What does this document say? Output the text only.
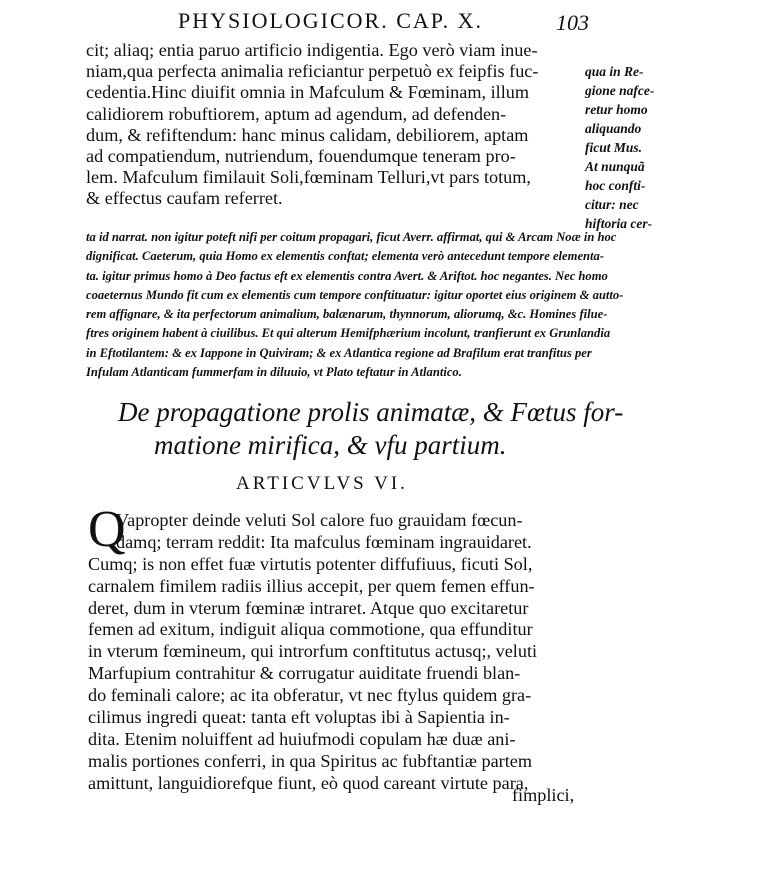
PHYSIOLOGICOR. CAP. X.	103
cit; aliaq; entia paruo artificio indigentia. Ego verò viam inue-
niam,qua perfecta animalia reficiantur perpetuò ex feipfis fuc-
cedentia.Hinc diuifit omnia in Mafculum & Fœminam, illum
calidiorem robuftiorem, aptum ad agendum, ad defenden-
dum, & refiftendum: hanc minus calidam, debiliorem, aptam
ad compatiendum, nutriendum, fouendumque teneram pro-
lem. Mafculum fimilauit Soli,fœminam Telluri,vt pars totum,
& effectus caufam referret.
qua in Re-
gione nafce-
retur homo
aliquando
ficut Mus.
At nunquã
hoc confti-
citur: nec
hiftoria cer-
ta id narrat. non igitur poteft nifi per coitum propagari, ficut Averr. affirmat, qui & Arcam Noæ in hoc
dignificat. Caeterum, quia Homo ex elementis conftat; elementa verò antecedunt tempore elementa-
ta. igitur primus homo à Deo factus eft ex elementis contra Avert. & Ariftot. hoc negantes. Nec homo
coaeternus Mundo fit cum ex elementis cum tempore conftituatur: igitur oportet eius originem & autto-
rem affignare, & ita perfectorum animalium, balænarum, thynnorum, aliorumq, &c. Homines filue-
ftres originem habent à ciuilibus. Et qui alterum Hemifphærium incolunt, tranfierunt ex Grunlandia
in Eftotilantem: & ex Iappone in Quiviram; & ex Atlantica regione ad Brafilum erat tranfitus per
Infulam Atlanticam fummerfam in diluuio, vt Plato teftatur in Atlantico.
De propagatione prolis animatæ, & Fœtus for-
matione mirifica, & vfu partium.
ARTICVLVS VI.
Q
Vapropter deinde veluti Sol calore fuo grauidam fœcun-
damq; terram reddit: Ita mafculus fœminam ingrauidaret.
Cumq; is non effet fuæ virtutis potenter diffufiuus, ficuti Sol,
carnalem fimilem radiis illius accepit, per quem femen effun-
deret, dum in vterum fœminæ intraret. Atque quo excitaretur
femen ad exitum, indiguit aliqua commotione, qua effunditur
in vterum fœmineum, qui introrfum conftitutus actusq;, veluti
Marfupium contrahitur & corrugatur auiditate fruendi blan-
do feminali calore; ac ita obferatur, vt nec ftylus quidem gra-
cilimus ingredi queat: tanta eft voluptas ibi à Sapientia in-
dita. Etenim noluiffent ad huiufmodi copulam hæ duæ ani-
malis portiones conferri, in qua Spiritus ac fubftantiæ partem
amittunt, languidiorefque fiunt, eò quod careant virtute para,
fimplici,
